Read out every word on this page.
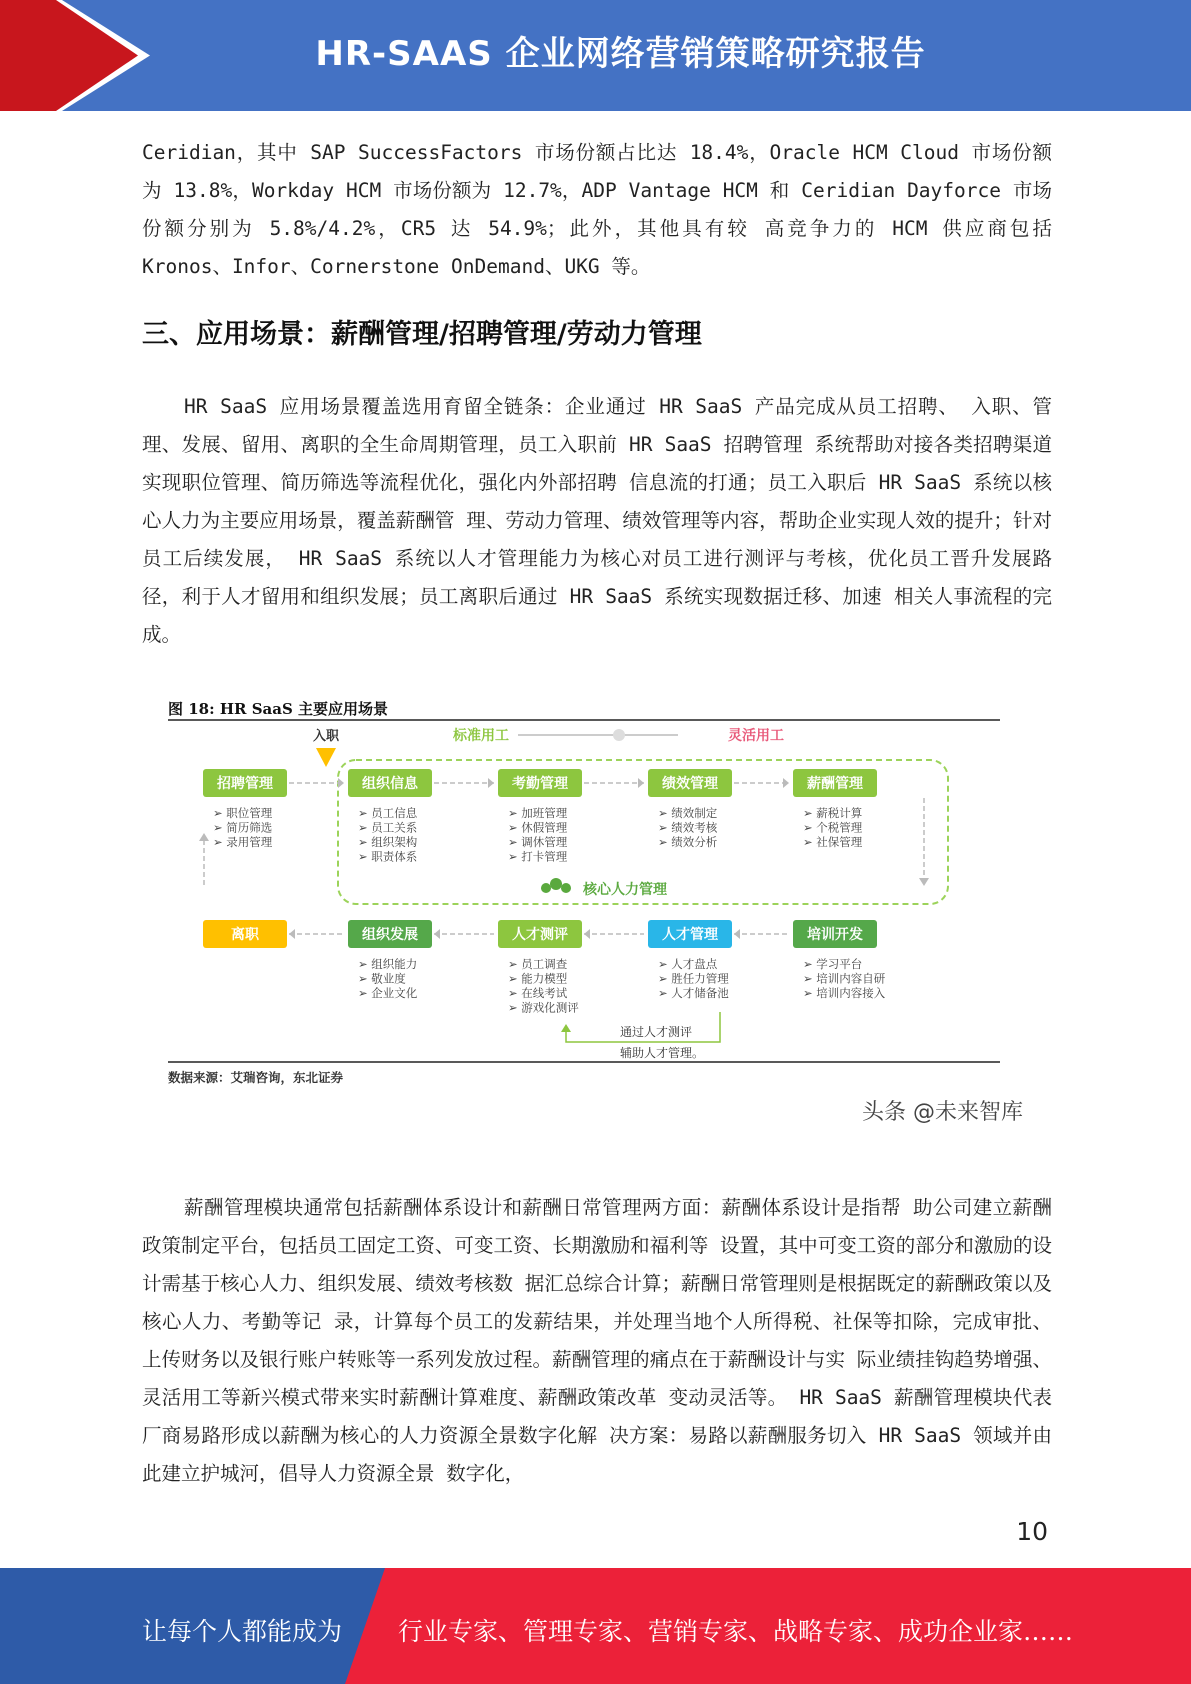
HR-SAAS 企业网络营销策略研究报告

Ceridian，其中 SAP SuccessFactors 市场份额占比达 18.4%，Oracle HCM Cloud 市场份额为 13.8%，Workday HCM 市场份额为 12.7%，ADP Vantage HCM 和 Ceridian Dayforce 市场份额分别为 5.8%/4.2%，CR5 达 54.9%；此外，其他具有较 高竞争力的 HCM 供应商包括 Kronos、Infor、Cornerstone OnDemand、UKG 等。

三、应用场景：薪酬管理/招聘管理/劳动力管理

HR SaaS 应用场景覆盖选用育留全链条：企业通过 HR SaaS 产品完成从员工招聘、 入职、管理、发展、留用、离职的全生命周期管理，员工入职前 HR SaaS 招聘管理 系统帮助对接各类招聘渠道实现职位管理、简历筛选等流程优化，强化内外部招聘 信息流的打通；员工入职后 HR SaaS 系统以核心人力为主要应用场景，覆盖薪酬管 理、劳动力管理、绩效管理等内容，帮助企业实现人效的提升；针对员工后续发展， HR SaaS 系统以人才管理能力为核心对员工进行测评与考核，优化员工晋升发展路 径，利于人才留用和组织发展；员工离职后通过 HR SaaS 系统实现数据迁移、加速 相关人事流程的完成。

图 18: HR SaaS 主要应用场景
入职	标准用工	灵活用工
核心人力管理
招聘管理
➢ 职位管理
➢ 简历筛选
➢ 录用管理
组织信息
➢ 员工信息
➢ 员工关系
➢ 组织架构
➢ 职责体系
考勤管理
➢ 加班管理
➢ 休假管理
➢ 调休管理
➢ 打卡管理
绩效管理
➢ 绩效制定
➢ 绩效考核
➢ 绩效分析
薪酬管理
➢ 薪税计算
➢ 个税管理
➢ 社保管理
离职	组织发展
➢ 组织能力
➢ 敬业度
➢ 企业文化
人才测评
➢ 员工调查
➢ 能力模型
➢ 在线考试
➢ 游戏化测评
人才管理
➢ 人才盘点
➢ 胜任力管理
➢ 人才储备池
培训开发
➢ 学习平台
➢ 培训内容自研
➢ 培训内容接入
通过人才测评
辅助人才管理。
数据来源：艾瑞咨询，东北证券
头条 @未来智库

薪酬管理模块通常包括薪酬体系设计和薪酬日常管理两方面：薪酬体系设计是指帮 助公司建立薪酬政策制定平台，包括员工固定工资、可变工资、长期激励和福利等 设置，其中可变工资的部分和激励的设计需基于核心人力、组织发展、绩效考核数 据汇总综合计算；薪酬日常管理则是根据既定的薪酬政策以及核心人力、考勤等记 录，计算每个员工的发薪结果，并处理当地个人所得税、社保等扣除，完成审批、 上传财务以及银行账户转账等一系列发放过程。薪酬管理的痛点在于薪酬设计与实 际业绩挂钩趋势增强、灵活用工等新兴模式带来实时薪酬计算难度、薪酬政策改革 变动灵活等。 HR SaaS 薪酬管理模块代表厂商易路形成以薪酬为核心的人力资源全景数字化解 决方案：易路以薪酬服务切入 HR SaaS 领域并由此建立护城河，倡导人力资源全景 数字化，

10
让每个人都能成为 行业专家、管理专家、营销专家、战略专家、成功企业家……
